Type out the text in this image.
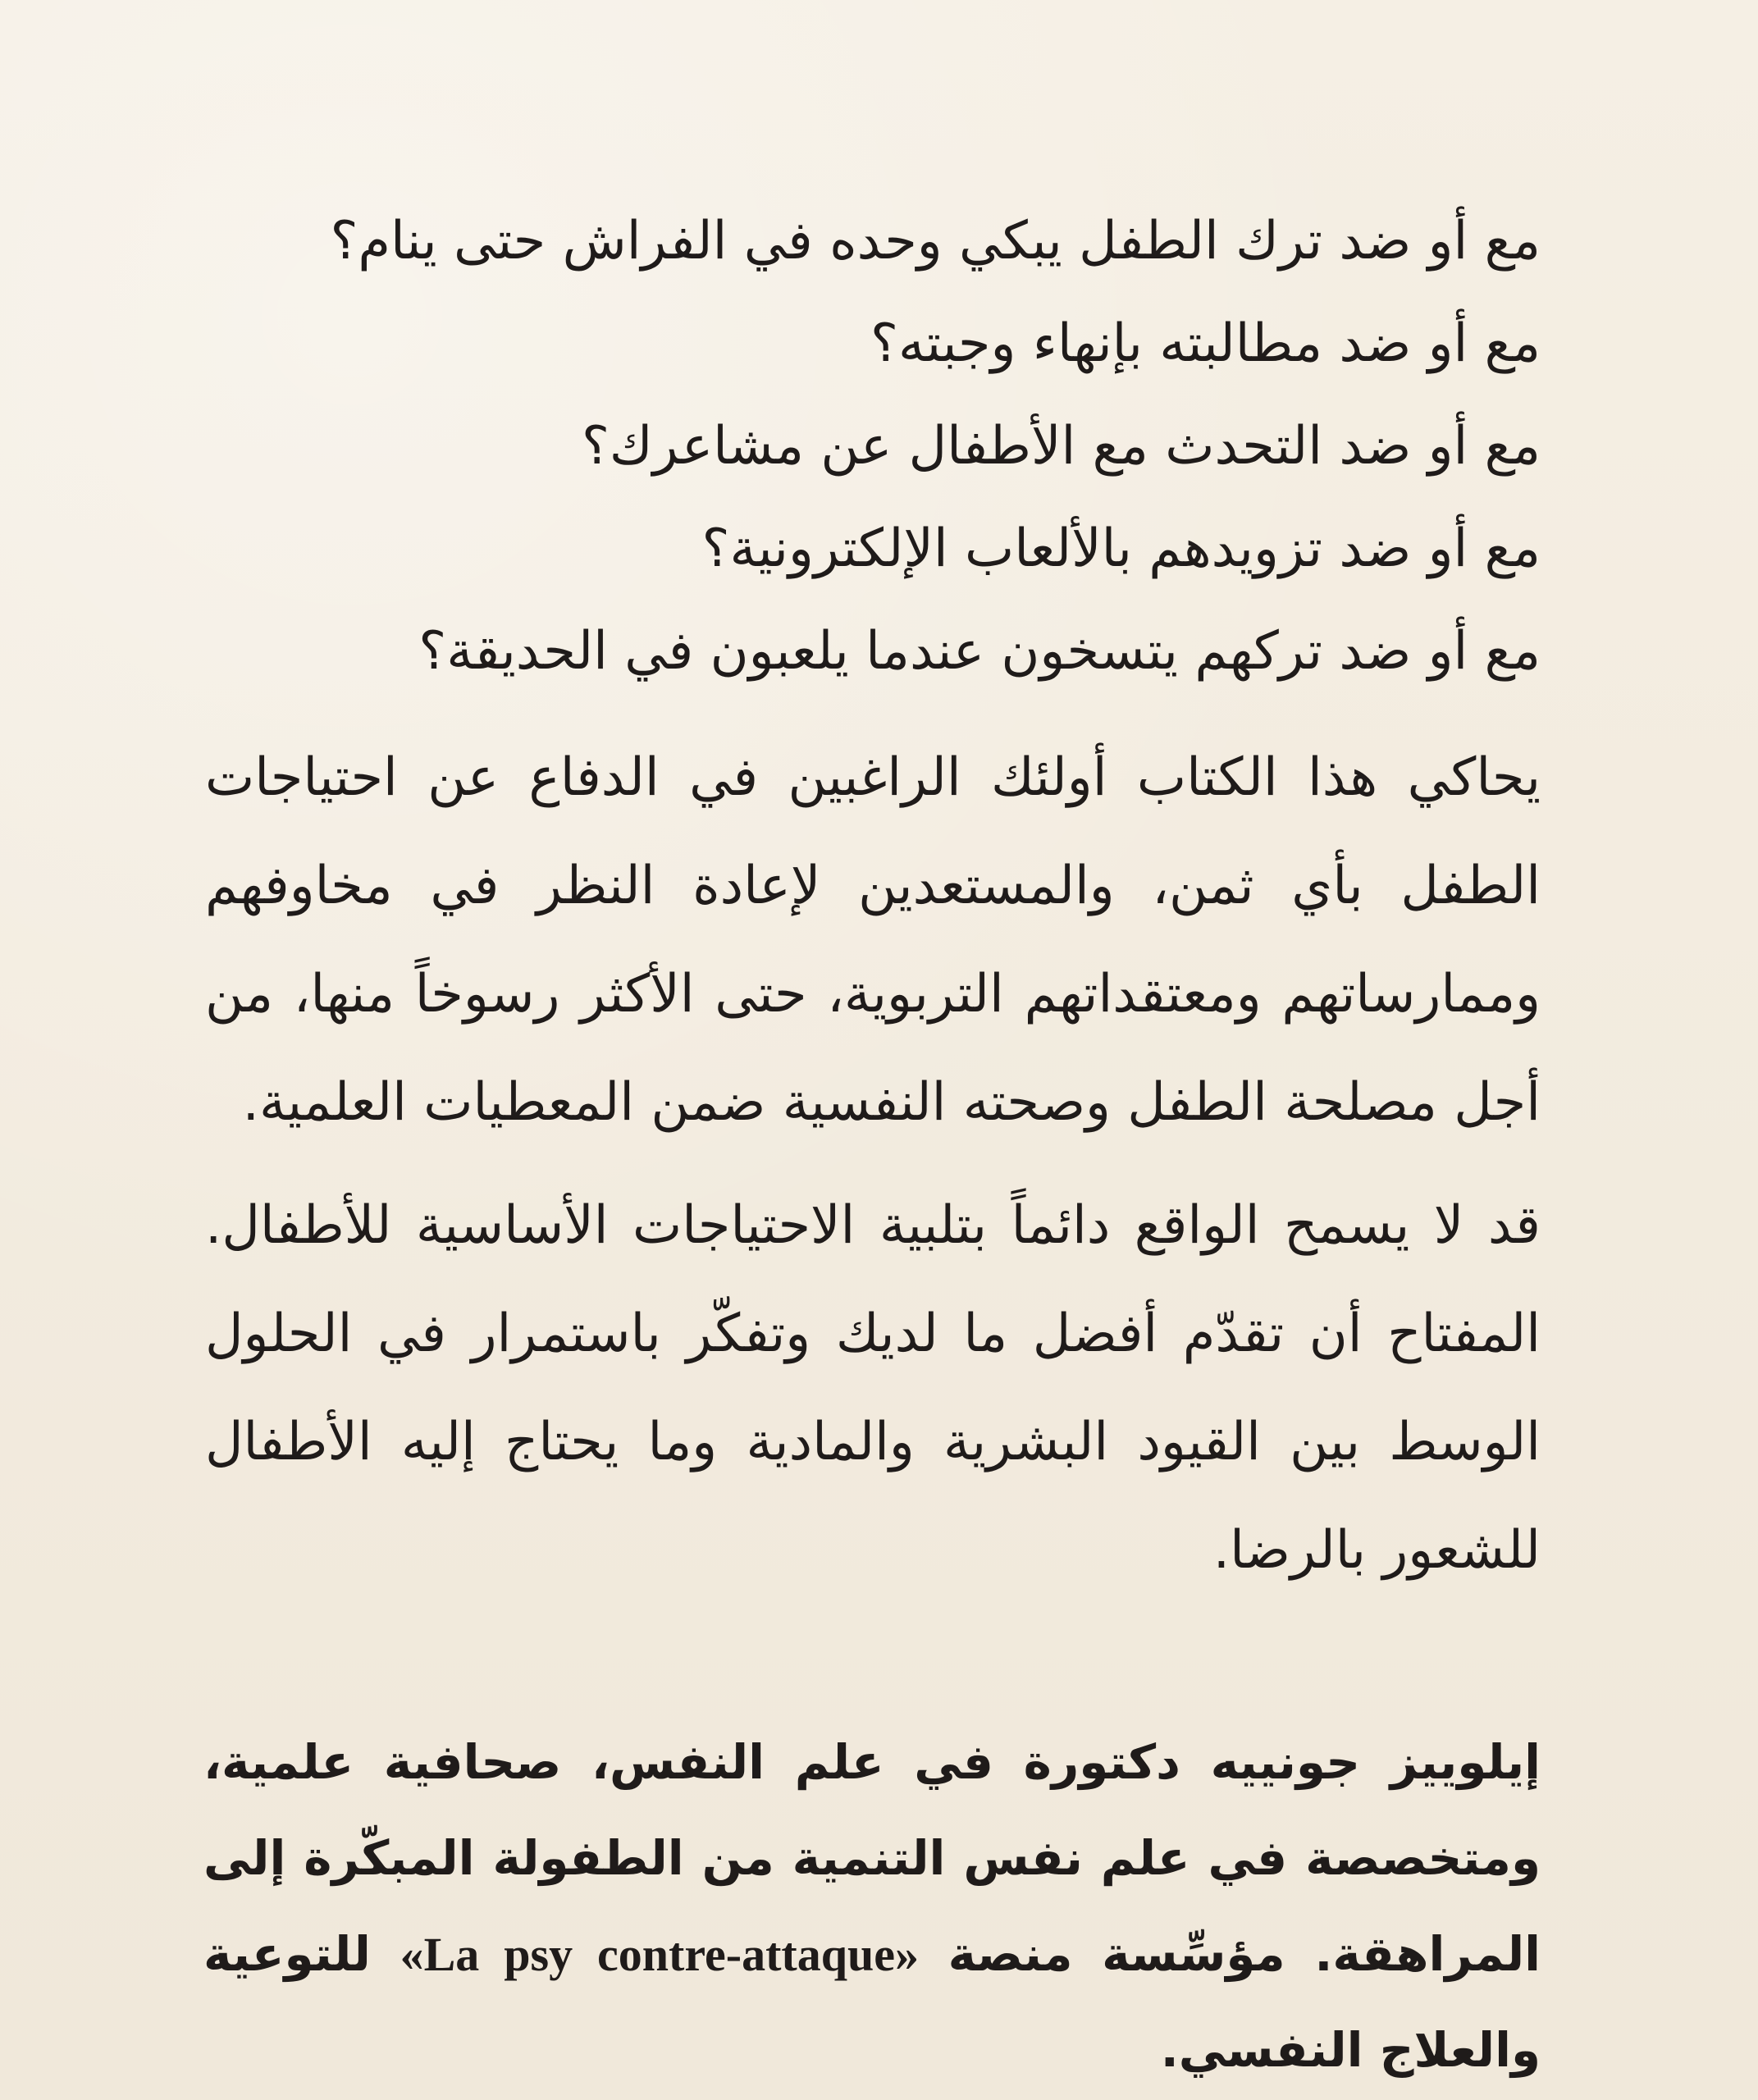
مع أو ضد ترك الطفل يبكي وحده في الفراش حتى ينام؟

مع أو ضد مطالبته بإنهاء وجبته؟

مع أو ضد التحدث مع الأطفال عن مشاعرك؟

مع أو ضد تزويدهم بالألعاب الإلكترونية؟

مع أو ضد تركهم يتسخون عندما يلعبون في الحديقة؟

يحاكي هذا الكتاب أولئك الراغبين في الدفاع عن احتياجات الطفل بأي ثمن، والمستعدين لإعادة النظر في مخاوفهم وممارساتهم ومعتقداتهم التربوية، حتى الأكثر رسوخاً منها، من أجل مصلحة الطفل وصحته النفسية ضمن المعطيات العلمية.

قد لا يسمح الواقع دائماً بتلبية الاحتياجات الأساسية للأطفال. المفتاح أن تقدّم أفضل ما لديك وتفكّر باستمرار في الحلول الوسط بين القيود البشرية والمادية وما يحتاج إليه الأطفال للشعور بالرضا.

إيلوييز جونييه دكتورة في علم النفس، صحافية علمية، ومتخصصة في علم نفس التنمية من الطفولة المبكّرة إلى المراهقة. مؤسِّسة منصة «La psy contre-attaque» للتوعية والعلاج النفسي.
